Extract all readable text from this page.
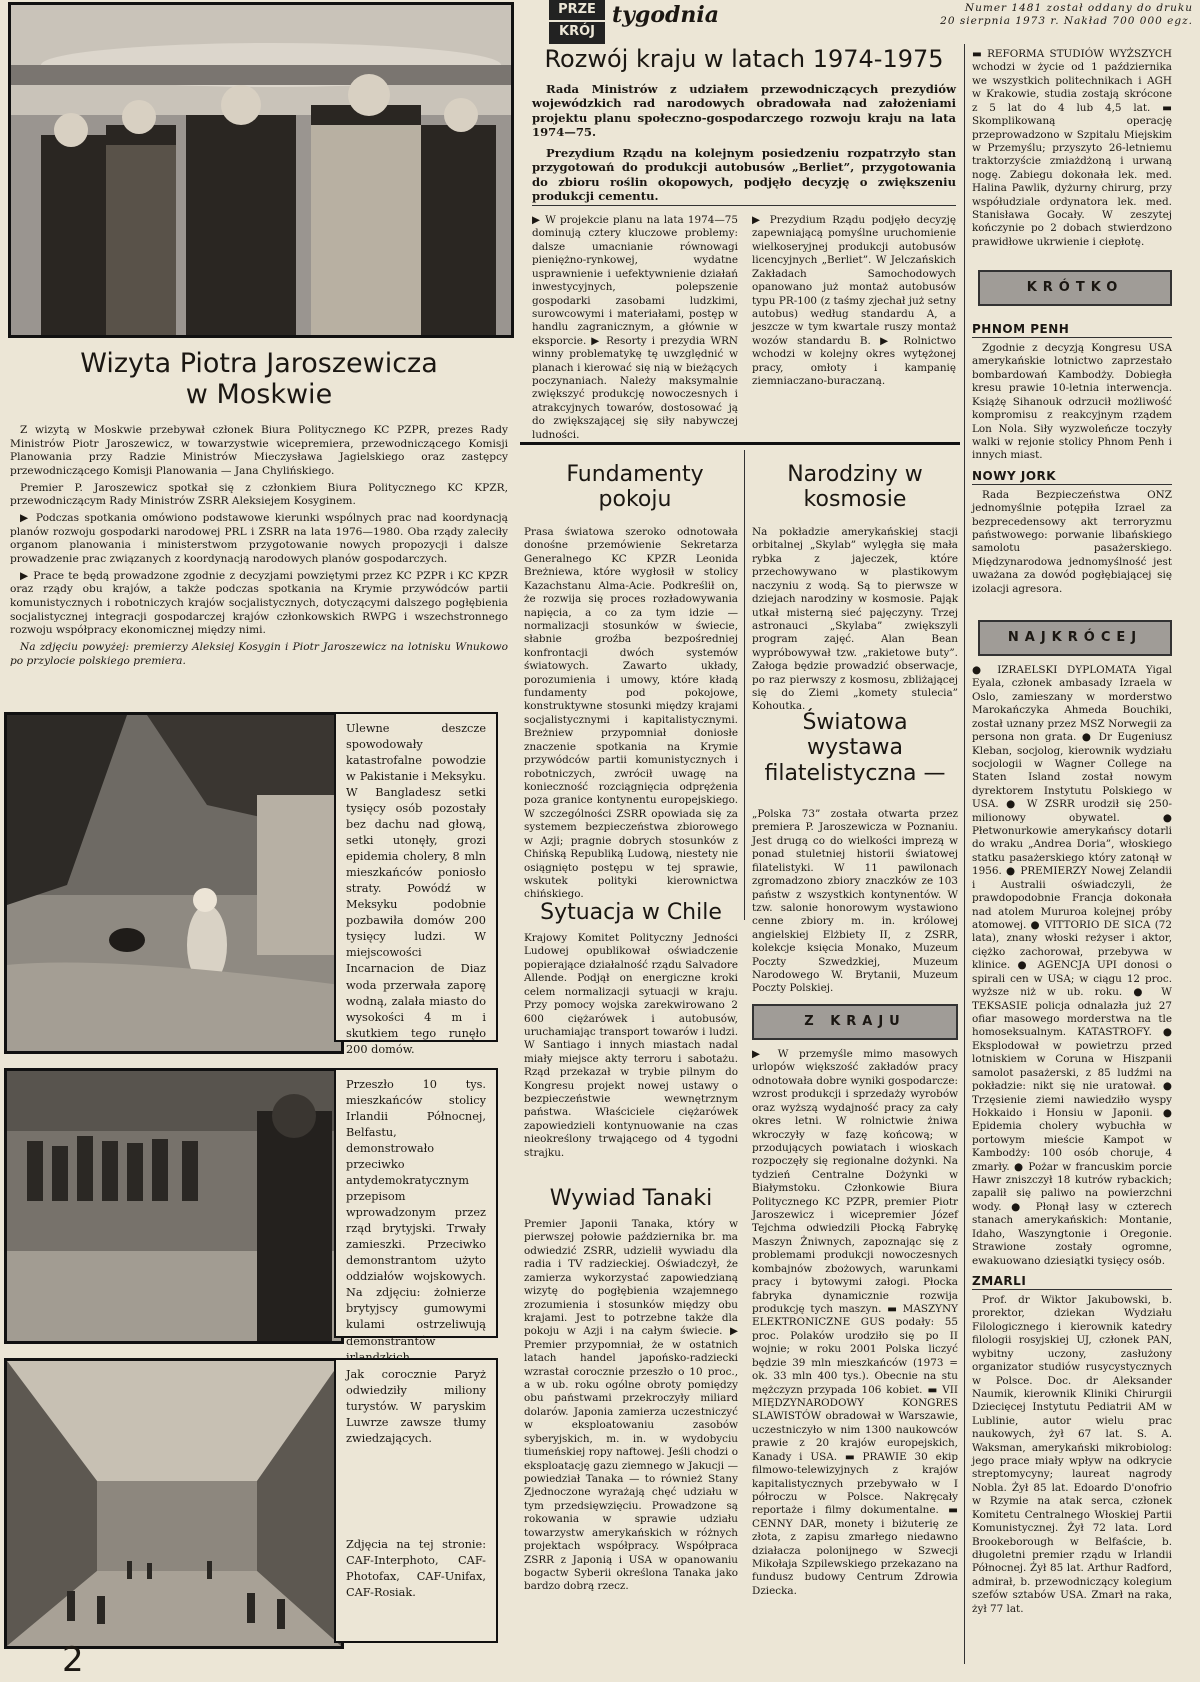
Wizyta Piotra Jaroszewicza w Moskwie

Z wizytą w Moskwie przebywał członek Biura Politycznego KC PZPR, prezes Rady Ministrów Piotr Jaroszewicz, w towarzystwie wicepremiera, przewodniczącego Komisji Planowania przy Radzie Ministrów Mieczysława Jagielskiego oraz zastępcy przewodniczącego Komisji Planowania — Jana Chylińskiego.

Premier P. Jaroszewicz spotkał się z członkiem Biura Politycznego KC KPZR, przewodniczącym Rady Ministrów ZSRR Aleksiejem Kosyginem.

▶ Podczas spotkania omówiono podstawowe kierunki wspólnych prac nad koordynacją planów rozwoju gospodarki narodowej PRL i ZSRR na lata 1976—1980. Oba rządy zaleciły organom planowania i ministerstwom przygotowanie nowych propozycji i dalsze prowadzenie prac związanych z koordynacją narodowych planów gospodarczych.

▶ Prace te będą prowadzone zgodnie z decyzjami powziętymi przez KC PZPR i KC KPZR oraz rządy obu krajów, a także podczas spotkania na Krymie przywódców partii komunistycznych i robotniczych krajów socjalistycznych, dotyczącymi dalszego pogłębienia socjalistycznej integracji gospodarczej krajów członkowskich RWPG i wszechstronnego rozwoju współpracy ekonomicznej między nimi.

Na zdjęciu powyżej: premierzy Aleksiej Kosygin i Piotr Jaroszewicz na lotnisku Wnukowo po przylocie polskiego premiera.

Ulewne deszcze spowodowały katastrofalne powodzie w Pakistanie i Meksyku. W Bangladesz setki tysięcy osób pozostały bez dachu nad głową, setki utonęły, grozi epidemia cholery, 8 mln mieszkańców poniosło straty. Powódź w Meksyku podobnie pozbawiła domów 200 tysięcy ludzi. W miejscowości Incarnacion de Diaz woda przerwała zaporę wodną, zalała miasto do wysokości 4 m i skutkiem tego runęło 200 domów.
Przeszło 10 tys. mieszkańców stolicy Irlandii Północnej, Belfastu, demonstrowało przeciwko antydemokratycznym przepisom wprowadzonym przez rząd brytyjski. Trwały zamieszki. Przeciwko demonstrantom użyto oddziałów wojskowych. Na zdjęciu: żołnierze brytyjscy gumowymi kulami ostrzeliwują demonstrantów
Jak corocznie Paryż odwiedziły miliony turystów. W paryskim Luwrze zawsze tłumy zwiedzających.
Zdjęcia na tej stronie: CAF-Interphoto, CAF-Photofax, CAF-Unifax, CAF-Rosiak.
2
PRZE
KRÓJ
tygodnia	Numer 1481 został oddany do druku
20 sierpnia 1973 r. Nakład 700 000 egz.
Rozwój kraju w latach 1974-1975
Rada Ministrów z udziałem przewodniczących prezydiów wojewódzkich rad narodowych obradowała nad założeniami projektu planu społeczno-gospodarczego rozwoju kraju na lata 1974—75.
Prezydium Rządu na kolejnym posiedzeniu rozpatrzyło stan przygotowań do produkcji autobusów „Berliet”, przygotowania do zbioru roślin okopowych, podjęło decyzję o zwiększeniu produkcji cementu.
▶ W projekcie planu na lata 1974—75 dominują cztery kluczowe problemy: dalsze umacnianie równowagi pieniężno-rynkowej, wydatne usprawnienie i uefektywnienie działań inwestycyjnych, polepszenie gospodarki zasobami ludzkimi, surowcowymi i materiałami, postęp w handlu zagranicznym, a głównie w eksporcie. ▶ Resorty i prezydia WRN winny problematykę tę uwzględnić w planach i kierować się nią w bieżących poczynaniach. Należy maksymalnie zwiększyć produkcję nowoczesnych i atrakcyjnych towarów, dostosować ją do zwiększającej się siły nabywczej ludności.
▶ Prezydium Rządu podjęło decyzję zapewniającą pomyślne uruchomienie wielkoseryjnej produkcji autobusów licencyjnych „Berliet”. W Jelczańskich Zakładach Samochodowych opanowano już montaż autobusów typu PR-100 (z taśmy zjechał już setny autobus) według standardu A, a jeszcze w tym kwartale ruszy montaż wozów standardu B. ▶ Rolnictwo wchodzi w kolejny okres wytężonej pracy, omłoty i kampanię ziemniaczano-buraczaną.
Fundamenty pokoju
Prasa światowa szeroko odnotowała donośne przemówienie Sekretarza Generalnego KC KPZR Leonida Breżniewa, które wygłosił w stolicy Kazachstanu Alma-Acie. Podkreślił on, że rozwija się proces rozładowywania napięcia, a co za tym idzie — normalizacji stosunków w świecie, słabnie groźba bezpośredniej konfrontacji dwóch systemów światowych. Zawarto układy, porozumienia i umowy, które kładą fundamenty pod pokojowe, konstruktywne stosunki między krajami socjalistycznymi i kapitalistycznymi. Breżniew przypomniał doniosłe znaczenie spotkania na Krymie przywódców partii komunistycznych i robotniczych, zwrócił uwagę na konieczność rozciągnięcia odprężenia poza granice kontynentu europejskiego. W szczególności ZSRR opowiada się za systemem bezpieczeństwa zbiorowego w Azji; pragnie dobrych stosunków z Chińską Republiką Ludową, niestety nie osiągnięto postępu w tej sprawie, wskutek polityki kierownictwa chińskiego.
Narodziny w kosmosie
Na pokładzie amerykańskiej stacji orbitalnej „Skylab” wylęgła się mała rybka z jajeczek, które przechowywano w plastikowym naczyniu z wodą. Są to pierwsze w dziejach narodziny w kosmosie. Pająk utkał misterną sieć pajęczyny. Trzej astronauci „Skylaba” zwiększyli program zajęć. Alan Bean wypróbowywał tzw. „rakietowe buty”. Załoga będzie prowadzić obserwacje, po raz pierwszy z kosmosu, zbliżającej się do Ziemi „komety stulecia” Kohoutka.
Światowa wystawa filatelistyczna —
„Polska 73” została otwarta przez premiera P. Jaroszewicza w Poznaniu. Jest drugą co do wielkości imprezą w ponad stuletniej historii światowej filatelistyki. W 11 pawilonach zgromadzono zbiory znaczków ze 103 państw z wszystkich kontynentów. W tzw. salonie honorowym wystawiono cenne zbiory m. in. królowej angielskiej Elżbiety II, z ZSRR, kolekcje księcia Monako, Muzeum Poczty Szwedzkiej, Muzeum Narodowego W. Brytanii, Muzeum Poczty Polskiej.
Sytuacja w Chile
Krajowy Komitet Polityczny Jedności Ludowej opublikował oświadczenie popierające działalność rządu Salvadore Allende. Podjął on energiczne kroki celem normalizacji sytuacji w kraju. Przy pomocy wojska zarekwirowano 2 600 ciężarówek i autobusów, uruchamiając transport towarów i ludzi. W Santiago i innych miastach nadal miały miejsce akty terroru i sabotażu. Rząd przekazał w trybie pilnym do Kongresu projekt nowej ustawy o bezpieczeństwie wewnętrznym państwa. Właściciele ciężarówek zapowiedzieli kontynuowanie na czas nieokreślony trwającego od 4 tygodni strajku.
Wywiad Tanaki
Premier Japonii Tanaka, który w pierwszej połowie października br. ma odwiedzić ZSRR, udzielił wywiadu dla radia i TV radzieckiej. Oświadczył, że zamierza wykorzystać zapowiedzianą wizytę do pogłębienia wzajemnego zrozumienia i stosunków między obu krajami. Jest to potrzebne także dla pokoju w Azji i na całym świecie. ▶ Premier przypomniał, że w ostatnich latach handel japońsko-radziecki wzrastał corocznie przeszło o 10 proc., a w ub. roku ogólne obroty pomiędzy obu państwami przekroczyły miliard dolarów. Japonia zamierza uczestniczyć w eksploatowaniu zasobów syberyjskich, m. in. w wydobyciu tiumeńskiej ropy naftowej. Jeśli chodzi o eksploatację gazu ziemnego w Jakucji — powiedział Tanaka — to również Stany Zjednoczone wyrażają chęć udziału w tym przedsięwzięciu. Prowadzone są rokowania w sprawie udziału towarzystw amerykańskich w różnych projektach współpracy. Współpraca ZSRR z Japonią i USA w opanowaniu bogactw Syberii określona Tanaka jako bardzo dobrą rzecz.
Z KRAJU
▶ W przemyśle mimo masowych urlopów większość zakładów pracy odnotowała dobre wyniki gospodarcze: wzrost produkcji i sprzedaży wyrobów oraz wyższą wydajność pracy za cały okres letni. W rolnictwie żniwa wkroczyły w fazę końcową; w przodujących powiatach i wioskach rozpoczęły się regionalne dożynki. Na tydzień Centralne Dożynki w Białymstoku. Członkowie Biura Politycznego KC PZPR, premier Piotr Jaroszewicz i wicepremier Józef Tejchma odwiedzili Płocką Fabrykę Maszyn Żniwnych, zapoznając się z problemami produkcji nowoczesnych kombajnów zbożowych, warunkami pracy i bytowymi załogi. Płocka fabryka dynamicznie rozwija produkcję tych maszyn. ▬ MASZYNY ELEKTRONICZNE GUS podały: 55 proc. Polaków urodziło się po II wojnie; w roku 2001 Polska liczyć będzie 39 mln mieszkańców (1973 = ok. 33 mln 400 tys.). Obecnie na stu mężczyzn przypada 106 kobiet. ▬ VII MIĘDZYNARODOWY KONGRES SLAWISTÓW obradował w Warszawie, uczestniczyło w nim 1300 naukowców prawie z 20 krajów europejskich, Kanady i USA. ▬ PRAWIE 30 ekip filmowo-telewizyjnych z krajów kapitalistycznych przebywało w I półroczu w Polsce. Nakręcały reportaże i filmy dokumentalne. ▬ CENNY DAR, monety i biżuterię ze złota, z zapisu zmarłego niedawno działacza polonijnego w Szwecji Mikołaja Szpilewskiego przekazano na fundusz budowy Centrum Zdrowia Dziecka.
▬ REFORMA STUDIÓW WYŻSZYCH wchodzi w życie od 1 października we wszystkich politechnikach i AGH w Krakowie, studia zostają skrócone z 5 lat do 4 lub 4,5 lat. ▬ Skomplikowaną operację przeprowadzono w Szpitalu Miejskim w Przemyślu; przyszyto 26-letniemu traktorzyście zmiażdżoną i urwaną nogę. Zabiegu dokonała lek. med. Halina Pawlik, dyżurny chirurg, przy współudziale ordynatora lek. med. Stanisława Gocały. W zeszytej kończynie po 2 dobach stwierdzono prawidłowe ukrwienie i ciepłotę.
KRÓTKO
PHNOM PENH
Zgodnie z decyzją Kongresu USA amerykańskie lotnictwo zaprzestało bombardowań Kambodży. Dobiegła kresu prawie 10-letnia interwencja. Książę Sihanouk odrzucił możliwość kompromisu z reakcyjnym rządem Lon Nola. Siły wyzwoleńcze toczyły walki w rejonie stolicy Phnom Penh i innych miast.
NOWY JORK
Rada Bezpieczeństwa ONZ jednomyślnie potępiła Izrael za bezprecedensowy akt terroryzmu państwowego: porwanie libańskiego samolotu pasażerskiego. Międzynarodowa jednomyślność jest uważana za dowód pogłębiającej się izolacji agresora.
NAJKRÓCEJ
● IZRAELSKI DYPLOMATA Yigal Eyala, członek ambasady Izraela w Oslo, zamieszany w morderstwo Marokańczyka Ahmeda Bouchiki, został uznany przez MSZ Norwegii za persona non grata. ● Dr Eugeniusz Kleban, socjolog, kierownik wydziału socjologii w Wagner College na Staten Island został nowym dyrektorem Instytutu Polskiego w USA. ● W ZSRR urodził się 250-milionowy obywatel. ● Płetwonurkowie amerykańscy dotarli do wraku „Andrea Doria”, włoskiego statku pasażerskiego który zatonął w 1956. ● PREMIERZY Nowej Zelandii i Australii oświadczyli, że prawdopodobnie Francja dokonała nad atolem Mururoa kolejnej próby atomowej. ● VITTORIO DE SICA (72 lata), znany włoski reżyser i aktor, ciężko zachorował, przebywa w klinice. ● AGENCJA UPI donosi o spirali cen w USA; w ciągu 12 proc. wyższe niż w ub. roku. ● W TEKSASIE policja odnalazła już 27 ofiar masowego morderstwa na tle homoseksualnym. KATASTROFY. ● Eksplodował w powietrzu przed lotniskiem w Coruna w Hiszpanii samolot pasażerski, z 85 ludźmi na pokładzie: nikt się nie uratował. ● Trzęsienie ziemi nawiedziło wyspy Hokkaido i Honsiu w Japonii. ● Epidemia cholery wybuchła w portowym mieście Kampot w Kambodży: 100 osób choruje, 4 zmarły. ● Pożar w francuskim porcie Hawr zniszczył 18 kutrów rybackich; zapalił się paliwo na powierzchni wody. ● Płonął lasy w czterech stanach amerykańskich: Montanie, Idaho, Waszyngtonie i Oregonie. Strawione zostały ogromne, ewakuowano dziesiątki tysięcy osób.
ZMARLI
Prof. dr Wiktor Jakubowski, b. prorektor, dziekan Wydziału Filologicznego i kierownik katedry filologii rosyjskiej UJ, członek PAN, wybitny uczony, zasłużony organizator studiów rusycystycznych w Polsce. Doc. dr Aleksander Naumik, kierownik Kliniki Chirurgii Dziecięcej Instytutu Pediatrii AM w Lublinie, autor wielu prac naukowych, żył 67 lat. S. A. Waksman, amerykański mikrobiolog: jego prace miały wpływ na odkrycie streptomycyny; laureat nagrody Nobla. Żył 85 lat. Edoardo D'onofrio w Rzymie na atak serca, członek Komitetu Centralnego Włoskiej Partii Komunistycznej. Żył 72 lata. Lord Brookeborough w Belfaście, b. długoletni premier rządu w Irlandii Północnej. Żył 85 lat. Arthur Radford, admirał, b. przewodniczący kolegium szefów sztabów USA. Zmarł na raka, żył 77 lat.
